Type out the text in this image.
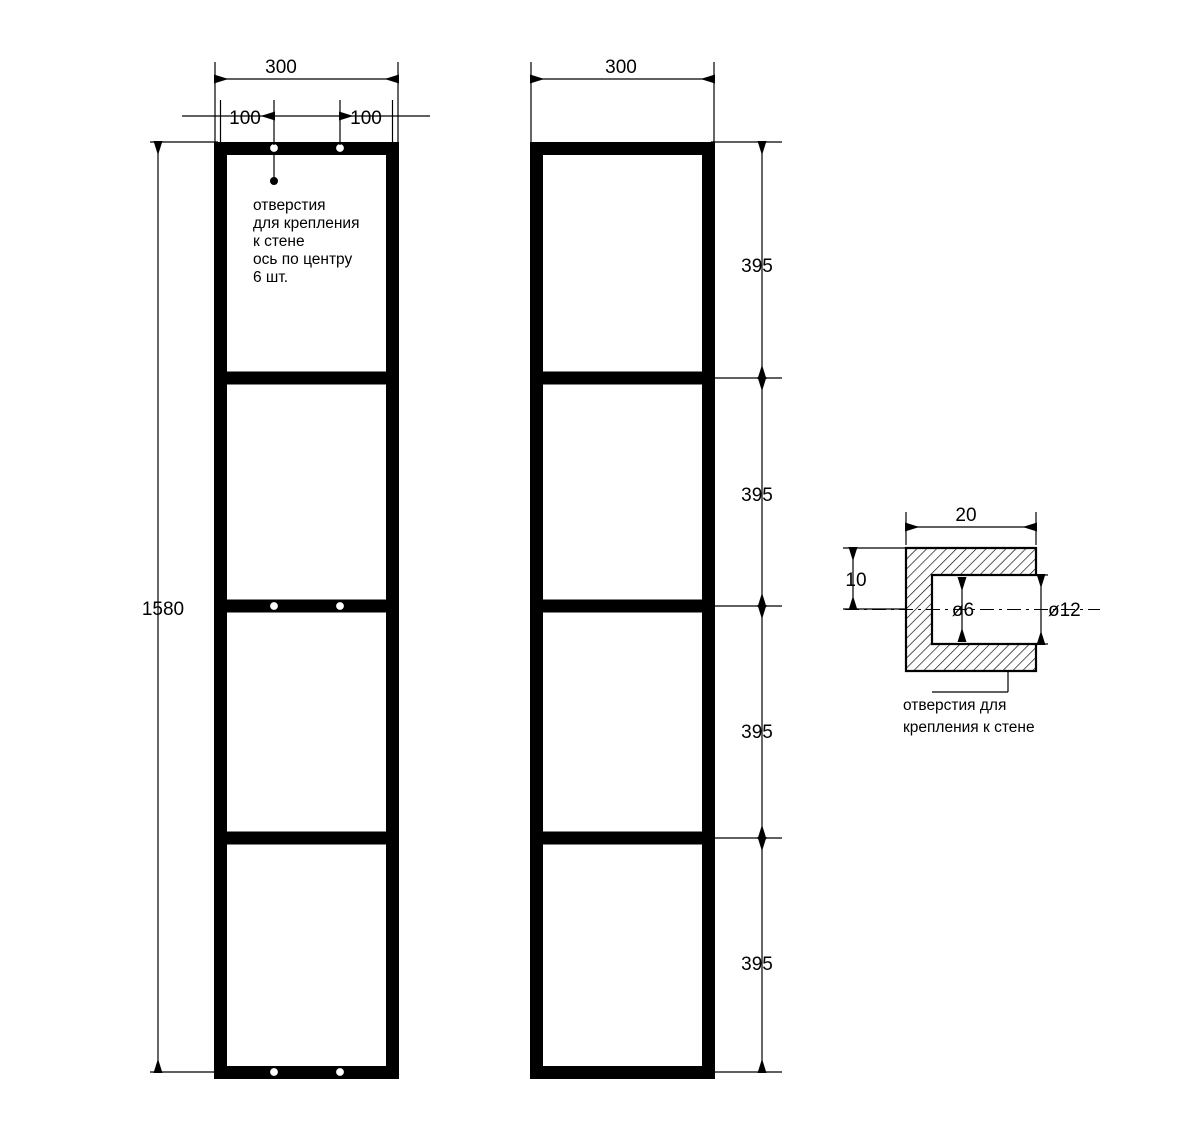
отверстия
для крепления
к стене
ось по центру
6 шт.
300
100	100
1580
300
395
395
395
395
20
10
ø6	ø12
отверстия для
крепления к стене
